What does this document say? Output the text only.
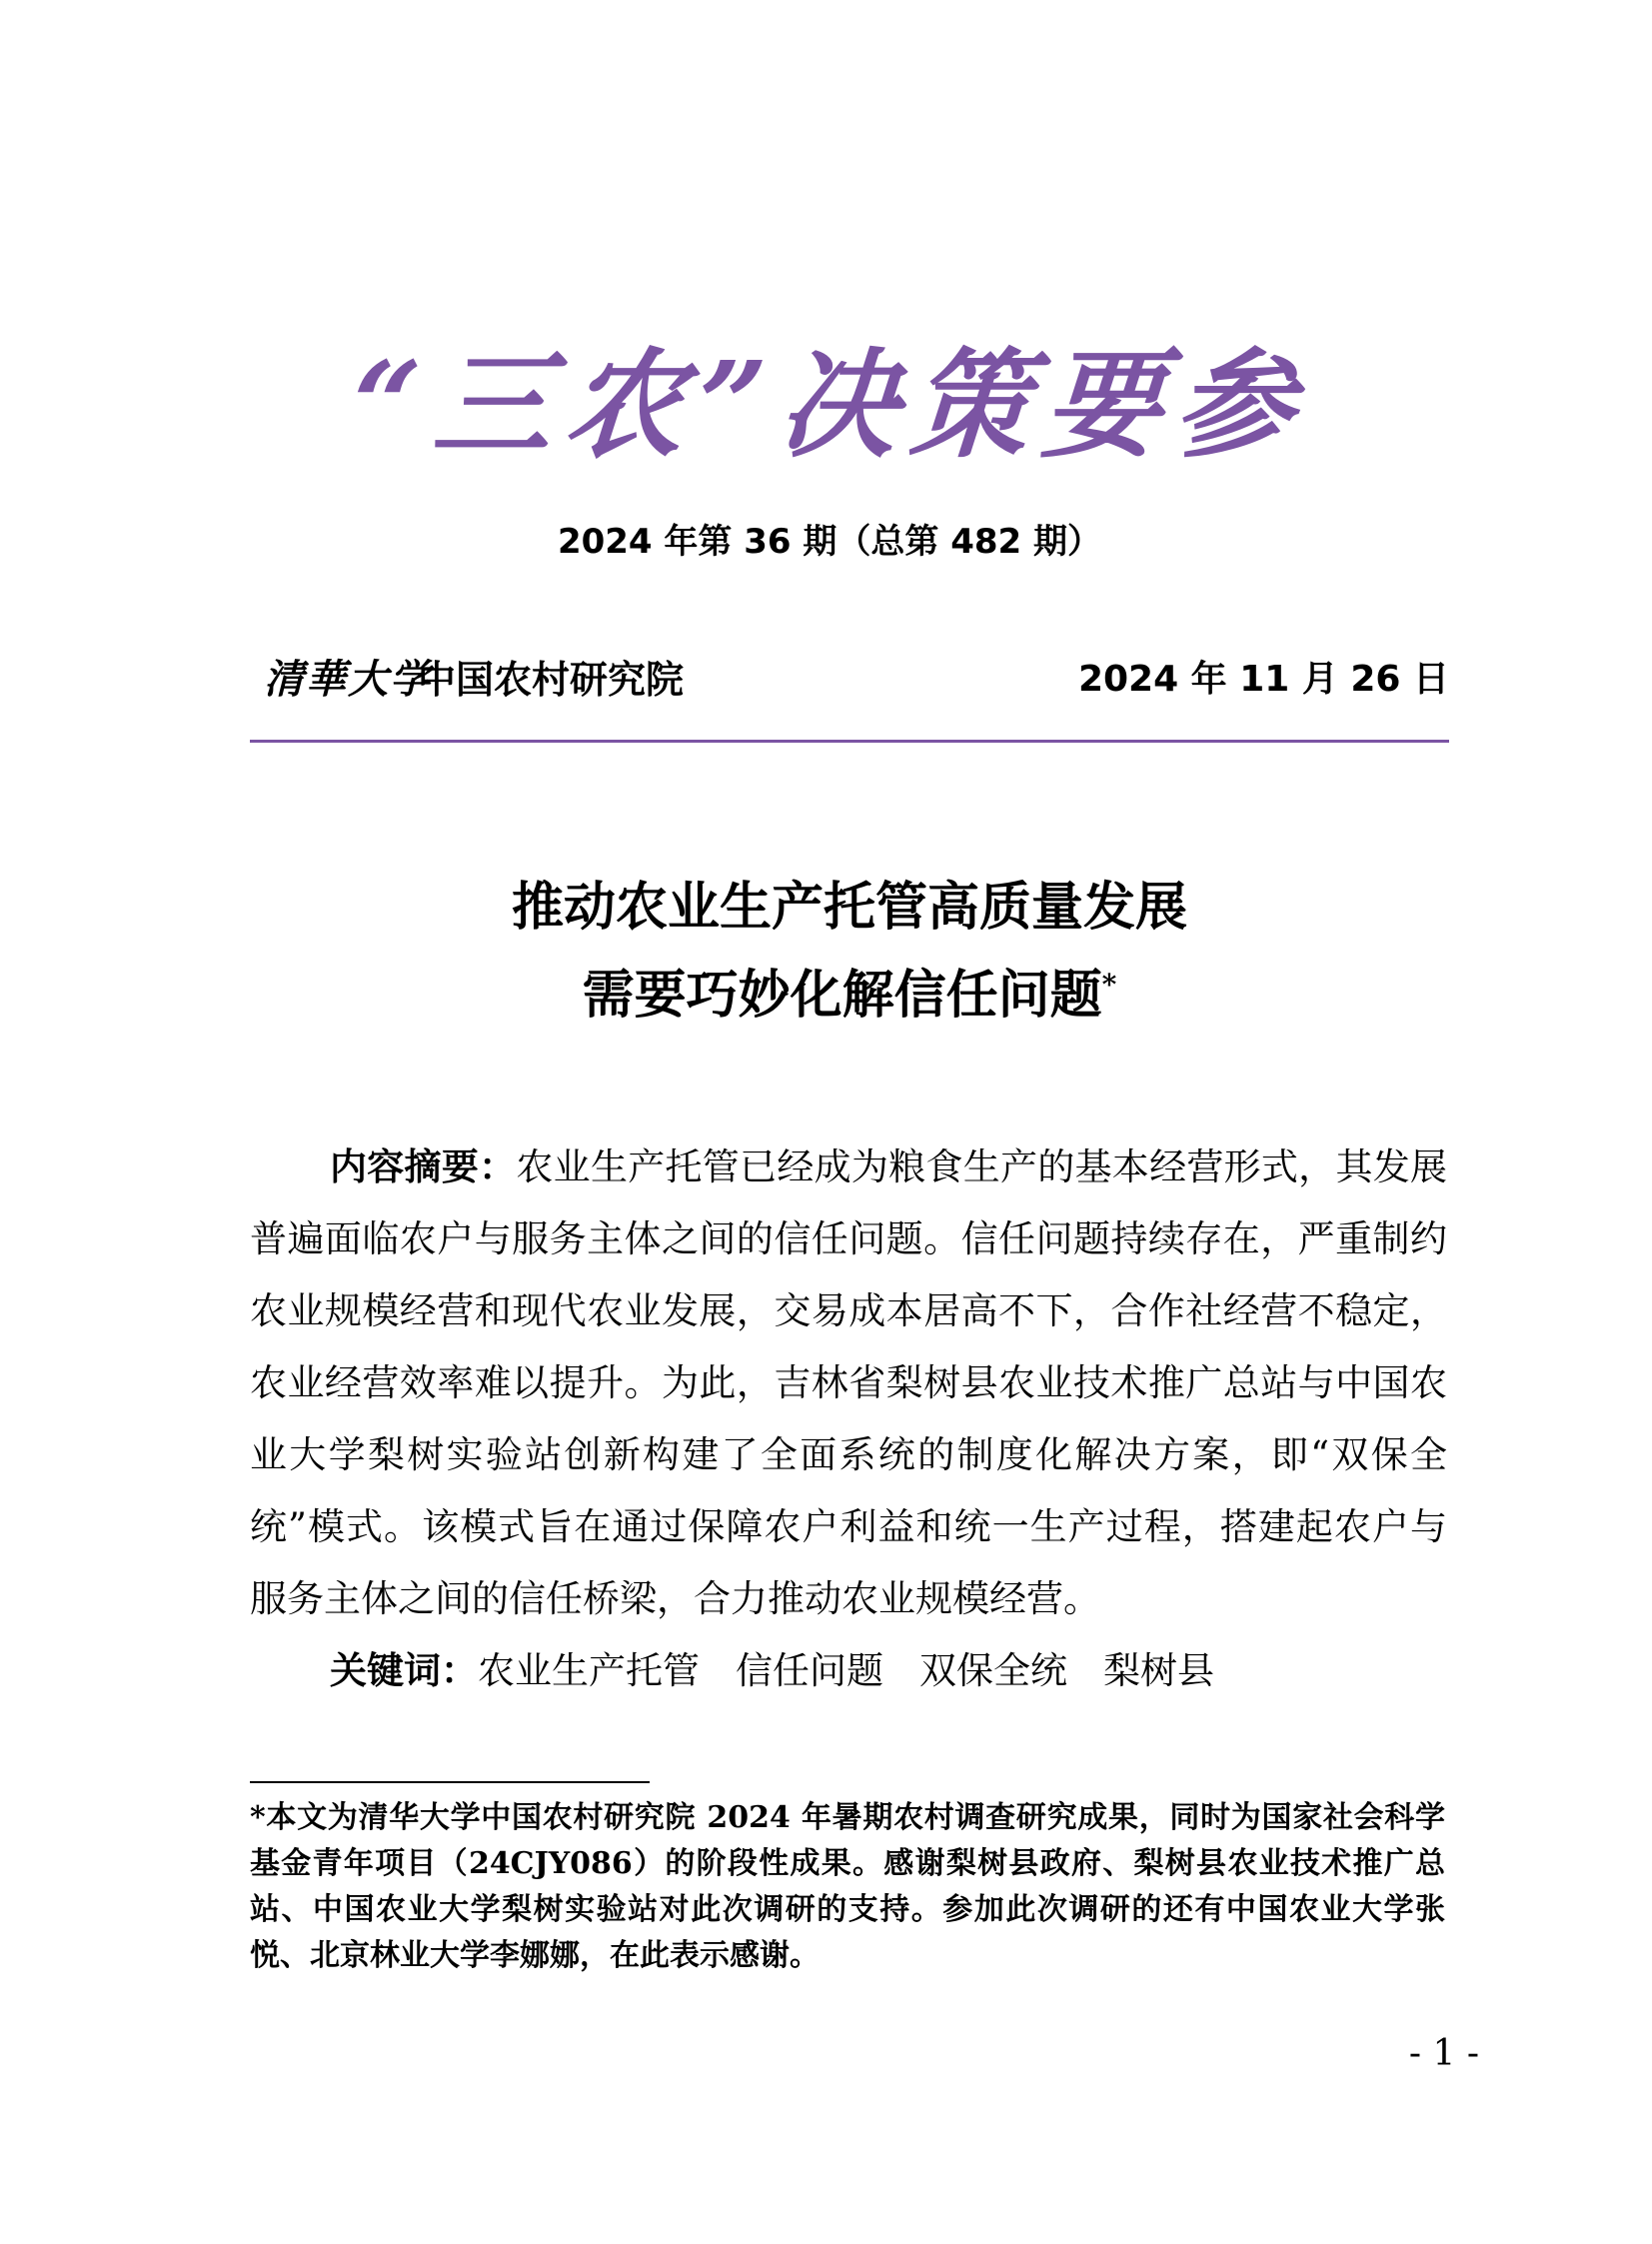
“三农”决策要参
2024 年第 36 期（总第 482 期）
清華大学
中国农村研究院	2024 年 11 月 26 日
推动农业生产托管高质量发展
需要巧妙化解信任问题*
内容摘要：农业生产托管已经成为粮食生产的基本经营形式，其发展普遍面临农户与服务主体之间的信任问题。信任问题持续存在，严重制约农业规模经营和现代农业发展，交易成本居高不下，合作社经营不稳定，农业经营效率难以提升。为此，吉林省梨树县农业技术推广总站与中国农业大学梨树实验站创新构建了全面系统的制度化解决方案，即“双保全统”模式。该模式旨在通过保障农户利益和统一生产过程，搭建起农户与服务主体之间的信任桥梁，合力推动农业规模经营。
关键词：农业生产托管 信任问题 双保全统 梨树县
*本文为清华大学中国农村研究院 2024 年暑期农村调查研究成果，同时为国家社会科学基金青年项目（24CJY086）的阶段性成果。感谢梨树县政府、梨树县农业技术推广总站、中国农业大学梨树实验站对此次调研的支持。参加此次调研的还有中国农业大学张悦、北京林业大学李娜娜，在此表示感谢。
- 1 -
